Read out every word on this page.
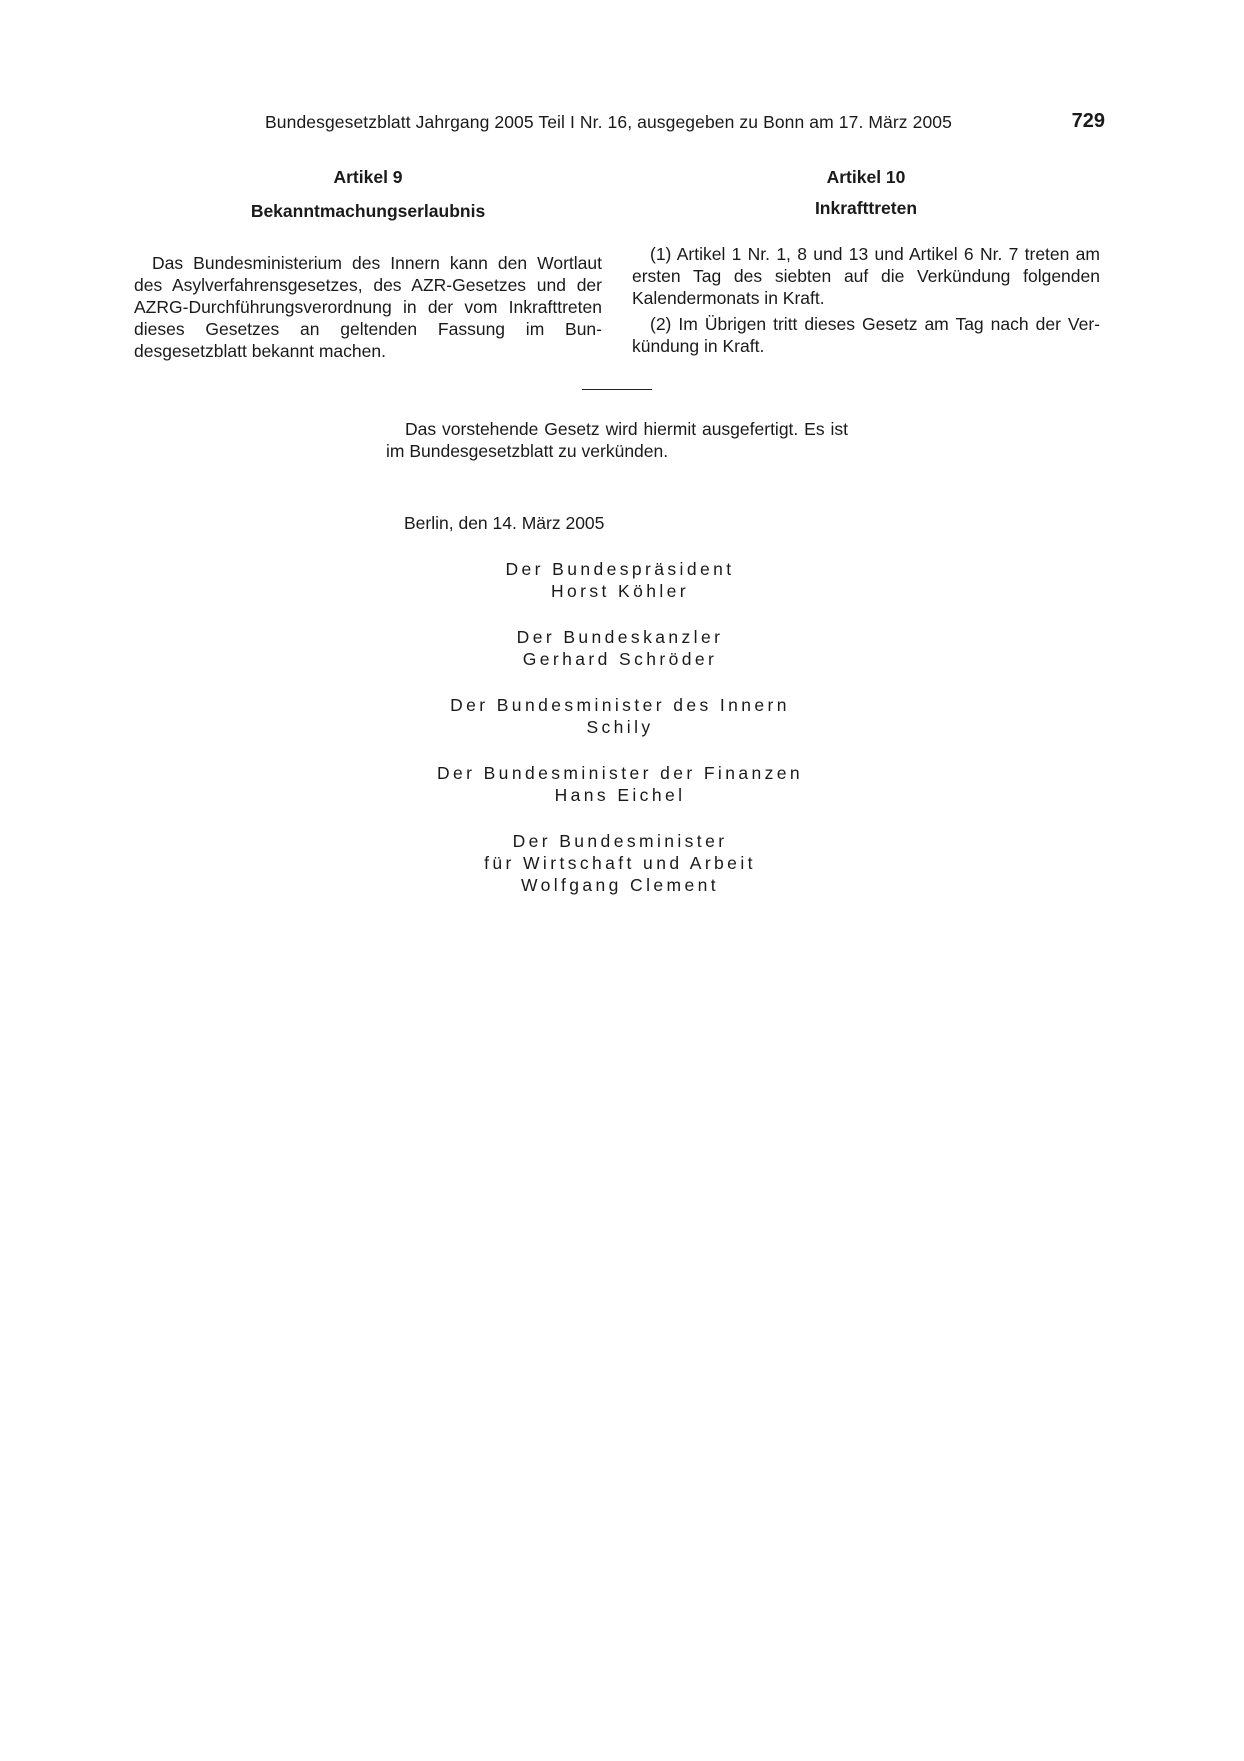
Bundesgesetzblatt Jahrgang 2005 Teil I Nr. 16, ausgegeben zu Bonn am 17. März 2005	729

Artikel 9

Bekanntmachungserlaubnis

Das Bundesministerium des Innern kann den Wortlaut des Asylverfahrensgesetzes, des AZR-Gesetzes und der AZRG-Durchführungsverordnung in der vom Inkrafttreten dieses Gesetzes an geltenden Fassung im Bundesgesetzblatt bekannt machen.

Artikel 10

Inkrafttreten

(1) Artikel 1 Nr. 1, 8 und 13 und Artikel 6 Nr. 7 treten am ersten Tag des siebten auf die Verkündung folgenden Kalendermonats in Kraft.

(2) Im Übrigen tritt dieses Gesetz am Tag nach der Verkündung in Kraft.

Das vorstehende Gesetz wird hiermit ausgefertigt. Es ist im Bundesgesetzblatt zu verkünden.

Berlin, den 14. März 2005

Der Bundespräsident
Horst Köhler
Der Bundeskanzler
Gerhard Schröder
Der Bundesminister des Innern
Schily
Der Bundesminister der Finanzen
Hans Eichel
Der Bundesminister
für Wirtschaft und Arbeit
Wolfgang Clement
